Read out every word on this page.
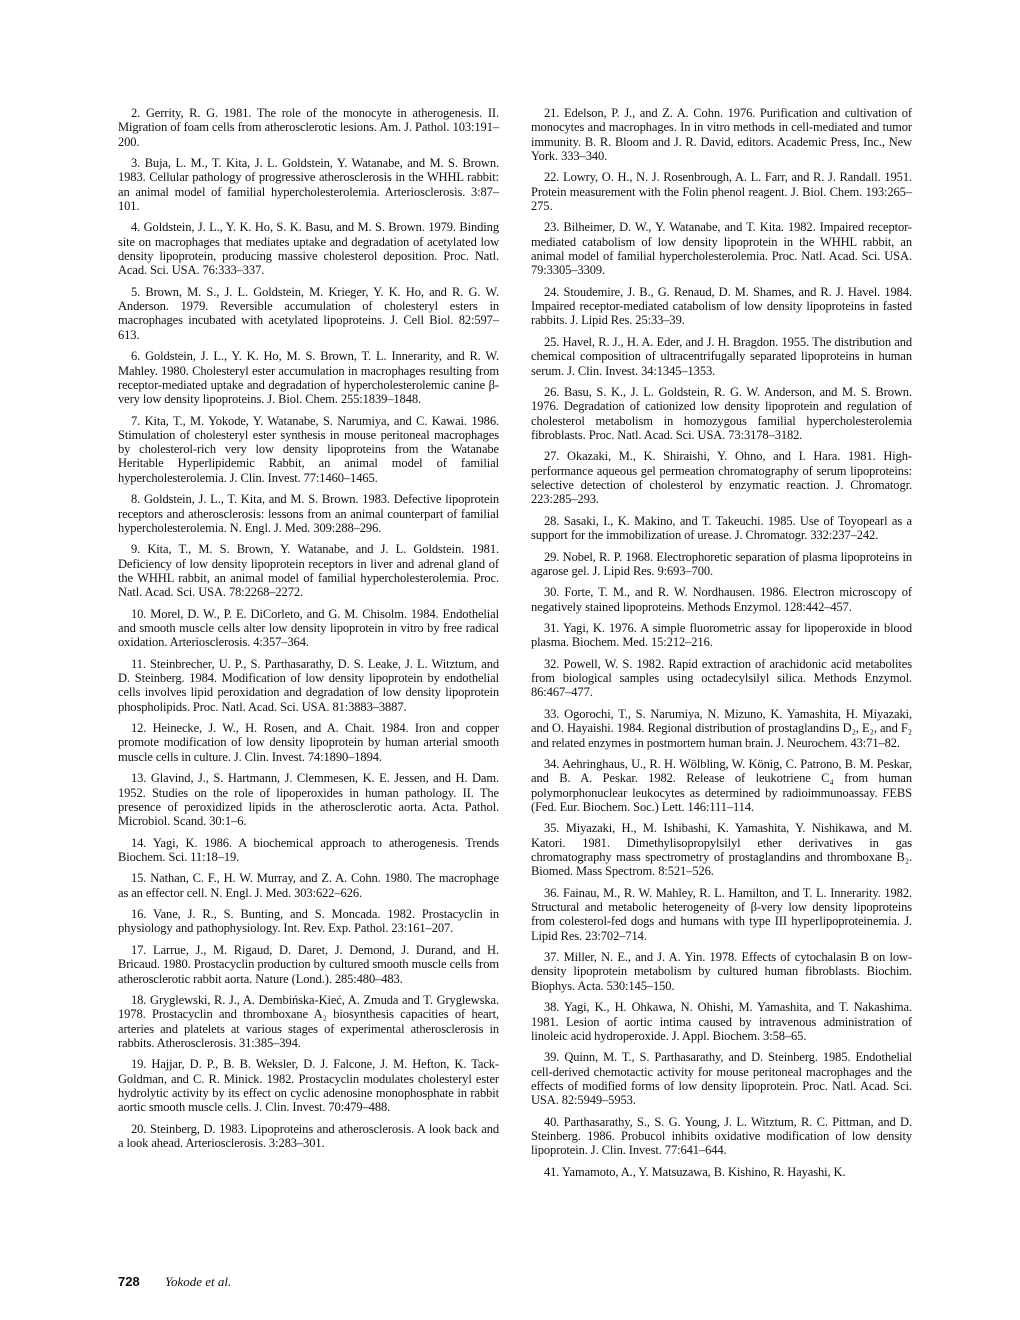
2. Gerrity, R. G. 1981. The role of the monocyte in atherogenesis. II. Migration of foam cells from atherosclerotic lesions. Am. J. Pathol. 103:191–200.

3. Buja, L. M., T. Kita, J. L. Goldstein, Y. Watanabe, and M. S. Brown. 1983. Cellular pathology of progressive atherosclerosis in the WHHL rabbit: an animal model of familial hypercholesterolemia. Arteriosclerosis. 3:87–101.

4. Goldstein, J. L., Y. K. Ho, S. K. Basu, and M. S. Brown. 1979. Binding site on macrophages that mediates uptake and degradation of acetylated low density lipoprotein, producing massive cholesterol deposition. Proc. Natl. Acad. Sci. USA. 76:333–337.

5. Brown, M. S., J. L. Goldstein, M. Krieger, Y. K. Ho, and R. G. W. Anderson. 1979. Reversible accumulation of cholesteryl esters in macrophages incubated with acetylated lipoproteins. J. Cell Biol. 82:597–613.

6. Goldstein, J. L., Y. K. Ho, M. S. Brown, T. L. Innerarity, and R. W. Mahley. 1980. Cholesteryl ester accumulation in macrophages resulting from receptor-mediated uptake and degradation of hypercholesterolemic canine β-very low density lipoproteins. J. Biol. Chem. 255:1839–1848.

7. Kita, T., M. Yokode, Y. Watanabe, S. Narumiya, and C. Kawai. 1986. Stimulation of cholesteryl ester synthesis in mouse peritoneal macrophages by cholesterol-rich very low density lipoproteins from the Watanabe Heritable Hyperlipidemic Rabbit, an animal model of familial hypercholesterolemia. J. Clin. Invest. 77:1460–1465.

8. Goldstein, J. L., T. Kita, and M. S. Brown. 1983. Defective lipoprotein receptors and atherosclerosis: lessons from an animal counterpart of familial hypercholesterolemia. N. Engl. J. Med. 309:288–296.

9. Kita, T., M. S. Brown, Y. Watanabe, and J. L. Goldstein. 1981. Deficiency of low density lipoprotein receptors in liver and adrenal gland of the WHHL rabbit, an animal model of familial hypercholesterolemia. Proc. Natl. Acad. Sci. USA. 78:2268–2272.

10. Morel, D. W., P. E. DiCorleto, and G. M. Chisolm. 1984. Endothelial and smooth muscle cells alter low density lipoprotein in vitro by free radical oxidation. Arteriosclerosis. 4:357–364.

11. Steinbrecher, U. P., S. Parthasarathy, D. S. Leake, J. L. Witztum, and D. Steinberg. 1984. Modification of low density lipoprotein by endothelial cells involves lipid peroxidation and degradation of low density lipoprotein phospholipids. Proc. Natl. Acad. Sci. USA. 81:3883–3887.

12. Heinecke, J. W., H. Rosen, and A. Chait. 1984. Iron and copper promote modification of low density lipoprotein by human arterial smooth muscle cells in culture. J. Clin. Invest. 74:1890–1894.

13. Glavind, J., S. Hartmann, J. Clemmesen, K. E. Jessen, and H. Dam. 1952. Studies on the role of lipoperoxides in human pathology. II. The presence of peroxidized lipids in the atherosclerotic aorta. Acta. Pathol. Microbiol. Scand. 30:1–6.

14. Yagi, K. 1986. A biochemical approach to atherogenesis. Trends Biochem. Sci. 11:18–19.

15. Nathan, C. F., H. W. Murray, and Z. A. Cohn. 1980. The macrophage as an effector cell. N. Engl. J. Med. 303:622–626.

16. Vane, J. R., S. Bunting, and S. Moncada. 1982. Prostacyclin in physiology and pathophysiology. Int. Rev. Exp. Pathol. 23:161–207.

17. Larrue, J., M. Rigaud, D. Daret, J. Demond, J. Durand, and H. Bricaud. 1980. Prostacyclin production by cultured smooth muscle cells from atherosclerotic rabbit aorta. Nature (Lond.). 285:480–483.

18. Gryglewski, R. J., A. Dembińska-Kieć, A. Zmuda and T. Gryglewska. 1978. Prostacyclin and thromboxane A₂ biosynthesis capacities of heart, arteries and platelets at various stages of experimental atherosclerosis in rabbits. Atherosclerosis. 31:385–394.

19. Hajjar, D. P., B. B. Weksler, D. J. Falcone, J. M. Hefton, K. Tack-Goldman, and C. R. Minick. 1982. Prostacyclin modulates cholesteryl ester hydrolytic activity by its effect on cyclic adenosine monophosphate in rabbit aortic smooth muscle cells. J. Clin. Invest. 70:479–488.

20. Steinberg, D. 1983. Lipoproteins and atherosclerosis. A look back and a look ahead. Arteriosclerosis. 3:283–301.

21. Edelson, P. J., and Z. A. Cohn. 1976. Purification and cultivation of monocytes and macrophages. In in vitro methods in cell-mediated and tumor immunity. B. R. Bloom and J. R. David, editors. Academic Press, Inc., New York. 333–340.

22. Lowry, O. H., N. J. Rosenbrough, A. L. Farr, and R. J. Randall. 1951. Protein measurement with the Folin phenol reagent. J. Biol. Chem. 193:265–275.

23. Bilheimer, D. W., Y. Watanabe, and T. Kita. 1982. Impaired receptor-mediated catabolism of low density lipoprotein in the WHHL rabbit, an animal model of familial hypercholesterolemia. Proc. Natl. Acad. Sci. USA. 79:3305–3309.

24. Stoudemire, J. B., G. Renaud, D. M. Shames, and R. J. Havel. 1984. Impaired receptor-mediated catabolism of low density lipoproteins in fasted rabbits. J. Lipid Res. 25:33–39.

25. Havel, R. J., H. A. Eder, and J. H. Bragdon. 1955. The distribution and chemical composition of ultracentrifugally separated lipoproteins in human serum. J. Clin. Invest. 34:1345–1353.

26. Basu, S. K., J. L. Goldstein, R. G. W. Anderson, and M. S. Brown. 1976. Degradation of cationized low density lipoprotein and regulation of cholesterol metabolism in homozygous familial hypercholesterolemia fibroblasts. Proc. Natl. Acad. Sci. USA. 73:3178–3182.

27. Okazaki, M., K. Shiraishi, Y. Ohno, and I. Hara. 1981. High-performance aqueous gel permeation chromatography of serum lipoproteins: selective detection of cholesterol by enzymatic reaction. J. Chromatogr. 223:285–293.

28. Sasaki, I., K. Makino, and T. Takeuchi. 1985. Use of Toyopearl as a support for the immobilization of urease. J. Chromatogr. 332:237–242.

29. Nobel, R. P. 1968. Electrophoretic separation of plasma lipoproteins in agarose gel. J. Lipid Res. 9:693–700.

30. Forte, T. M., and R. W. Nordhausen. 1986. Electron microscopy of negatively stained lipoproteins. Methods Enzymol. 128:442–457.

31. Yagi, K. 1976. A simple fluorometric assay for lipoperoxide in blood plasma. Biochem. Med. 15:212–216.

32. Powell, W. S. 1982. Rapid extraction of arachidonic acid metabolites from biological samples using octadecylsilyl silica. Methods Enzymol. 86:467–477.

33. Ogorochi, T., S. Narumiya, N. Mizuno, K. Yamashita, H. Miyazaki, and O. Hayaishi. 1984. Regional distribution of prostaglandins D₂, E₂, and F₂ and related enzymes in postmortem human brain. J. Neurochem. 43:71–82.

34. Aehringhaus, U., R. H. Wölbling, W. König, C. Patrono, B. M. Peskar, and B. A. Peskar. 1982. Release of leukotriene C₄ from human polymorphonuclear leukocytes as determined by radioimmunoassay. FEBS (Fed. Eur. Biochem. Soc.) Lett. 146:111–114.

35. Miyazaki, H., M. Ishibashi, K. Yamashita, Y. Nishikawa, and M. Katori. 1981. Dimethylisopropylsilyl ether derivatives in gas chromatography mass spectrometry of prostaglandins and thromboxane B₂. Biomed. Mass Spectrom. 8:521–526.

36. Fainau, M., R. W. Mahley, R. L. Hamilton, and T. L. Innerarity. 1982. Structural and metabolic heterogeneity of β-very low density lipoproteins from colesterol-fed dogs and humans with type III hyperlipoproteinemia. J. Lipid Res. 23:702–714.

37. Miller, N. E., and J. A. Yin. 1978. Effects of cytochalasin B on low-density lipoprotein metabolism by cultured human fibroblasts. Biochim. Biophys. Acta. 530:145–150.

38. Yagi, K., H. Ohkawa, N. Ohishi, M. Yamashita, and T. Nakashima. 1981. Lesion of aortic intima caused by intravenous administration of linoleic acid hydroperoxide. J. Appl. Biochem. 3:58–65.

39. Quinn, M. T., S. Parthasarathy, and D. Steinberg. 1985. Endothelial cell-derived chemotactic activity for mouse peritoneal macrophages and the effects of modified forms of low density lipoprotein. Proc. Natl. Acad. Sci. USA. 82:5949–5953.

40. Parthasarathy, S., S. G. Young, J. L. Witztum, R. C. Pittman, and D. Steinberg. 1986. Probucol inhibits oxidative modification of low density lipoprotein. J. Clin. Invest. 77:641–644.

41. Yamamoto, A., Y. Matsuzawa, B. Kishino, R. Hayashi, K.

728 Yokode et al.
